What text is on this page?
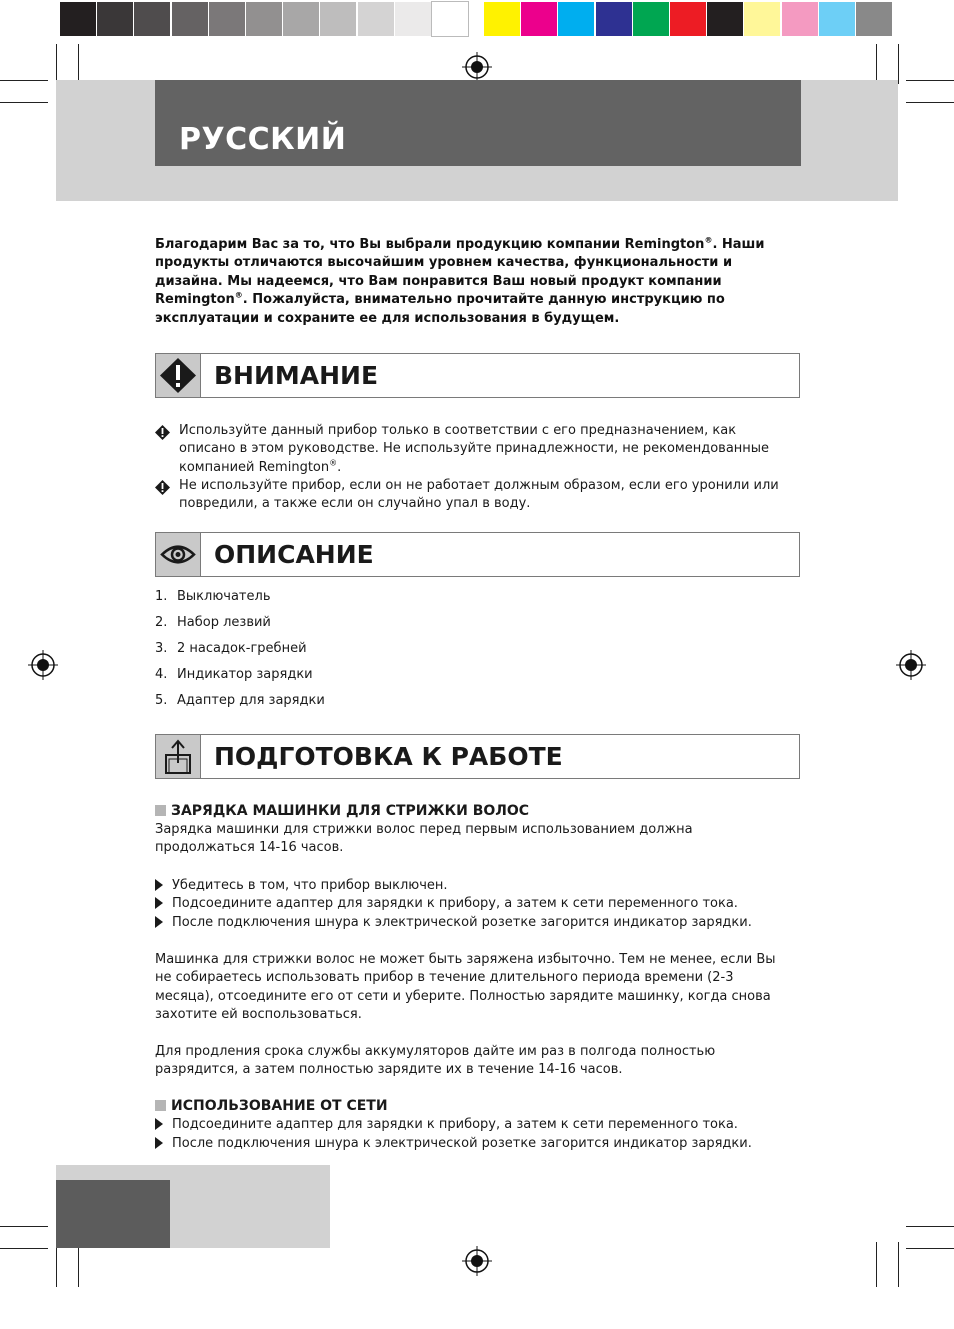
РУССКИЙ
Благодарим Вас за то, что Вы выбрали продукцию компании Remington®. Наши продукты отличаются высочайшим уровнем качества, функциональности и дизайна. Мы надеемся, что Вам понравится Ваш новый продукт компании Remington®. Пожалуйста, внимательно прочитайте данную инструкцию по эксплуатации и сохраните ее для использования в будущем.
ВНИМАНИЕ
Используйте данный прибор только в соответствии с его предназначением, как описано в этом руководстве. Не используйте принадлежности, не рекомендованные компанией Remington®.
Не используйте прибор, если он не работает должным образом, если его уронили или повредили, а также если он случайно упал в воду.
ОПИСАНИЕ
1. Выключатель
2. Набор лезвий
3. 2 насадок-гребней
4. Индикатор зарядки
5. Адаптер для зарядки
ПОДГОТОВКА К РАБОТЕ
ЗАРЯДКА МАШИНКИ ДЛЯ СТРИЖКИ ВОЛОС
Зарядка машинки для стрижки волос перед первым использованием должна продолжаться 14-16 часов.
Убедитесь в том, что прибор выключен.
Подсоедините адаптер для зарядки к прибору, а затем к сети переменного тока.
После подключения шнура к электрической розетке загорится индикатор зарядки.
Машинка для стрижки волос не может быть заряжена избыточно. Тем не менее, если Вы не собираетесь использовать прибор в течение длительного периода времени (2-3 месяца), отсоедините его от сети и уберите. Полностью зарядите машинку, когда снова захотите ей воспользоваться.
Для продления срока службы аккумуляторов дайте им раз в полгода полностью разрядится, а затем полностью зарядите их в течение 14-16 часов.
ИСПОЛЬЗОВАНИЕ ОТ СЕТИ
Подсоедините адаптер для зарядки к прибору, а затем к сети переменного тока.
После подключения шнура к электрической розетке загорится индикатор зарядки.
